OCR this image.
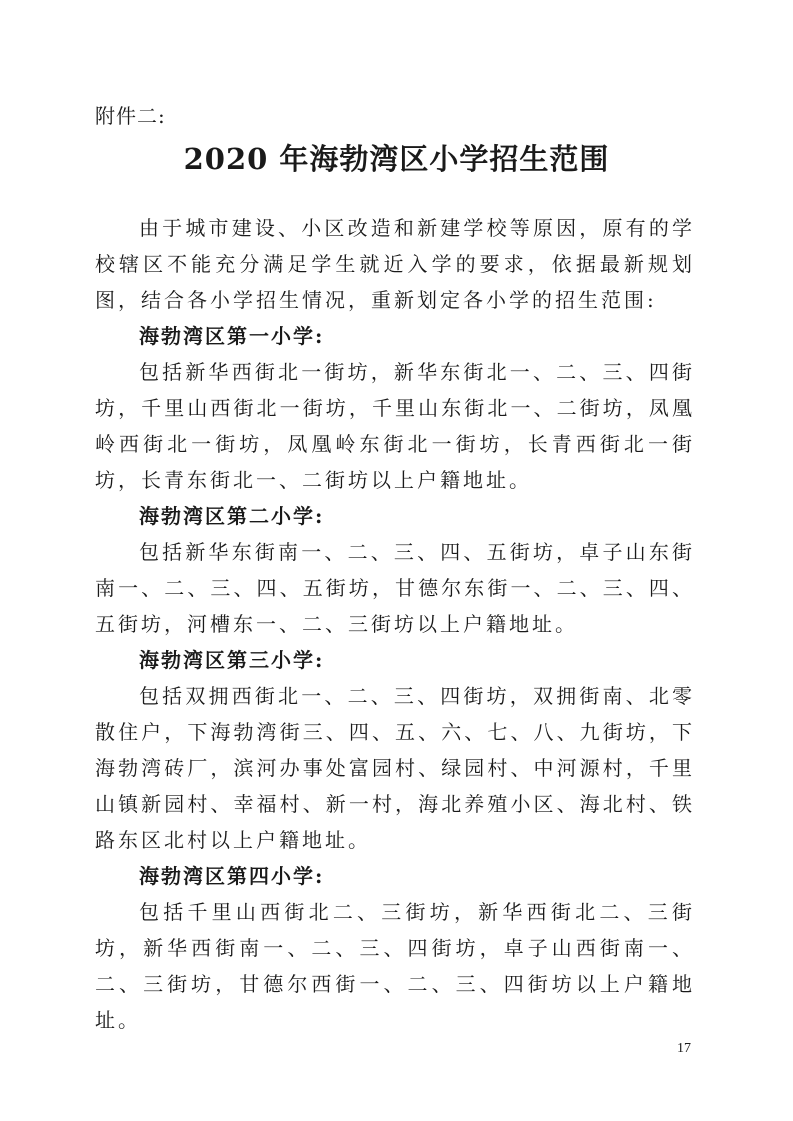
附件二:
2020 年海勃湾区小学招生范围

由于城市建设、小区改造和新建学校等原因，原有的学校辖区不能充分满足学生就近入学的要求，依据最新规划图，结合各小学招生情况，重新划定各小学的招生范围:

海勃湾区第一小学:

包括新华西街北一街坊，新华东街北一、二、三、四街坊，千里山西街北一街坊，千里山东街北一、二街坊，凤凰岭西街北一街坊，凤凰岭东街北一街坊，长青西街北一街坊，长青东街北一、二街坊以上户籍地址。

海勃湾区第二小学:

包括新华东街南一、二、三、四、五街坊，卓子山东街南一、二、三、四、五街坊，甘德尔东街一、二、三、四、五街坊，河槽东一、二、三街坊以上户籍地址。

海勃湾区第三小学:

包括双拥西街北一、二、三、四街坊，双拥街南、北零散住户，下海勃湾街三、四、五、六、七、八、九街坊，下海勃湾砖厂，滨河办事处富园村、绿园村、中河源村，千里山镇新园村、幸福村、新一村，海北养殖小区、海北村、铁路东区北村以上户籍地址。

海勃湾区第四小学:

包括千里山西街北二、三街坊，新华西街北二、三街坊，新华西街南一、二、三、四街坊，卓子山西街南一、二、三街坊，甘德尔西街一、二、三、四街坊以上户籍地址。

17
